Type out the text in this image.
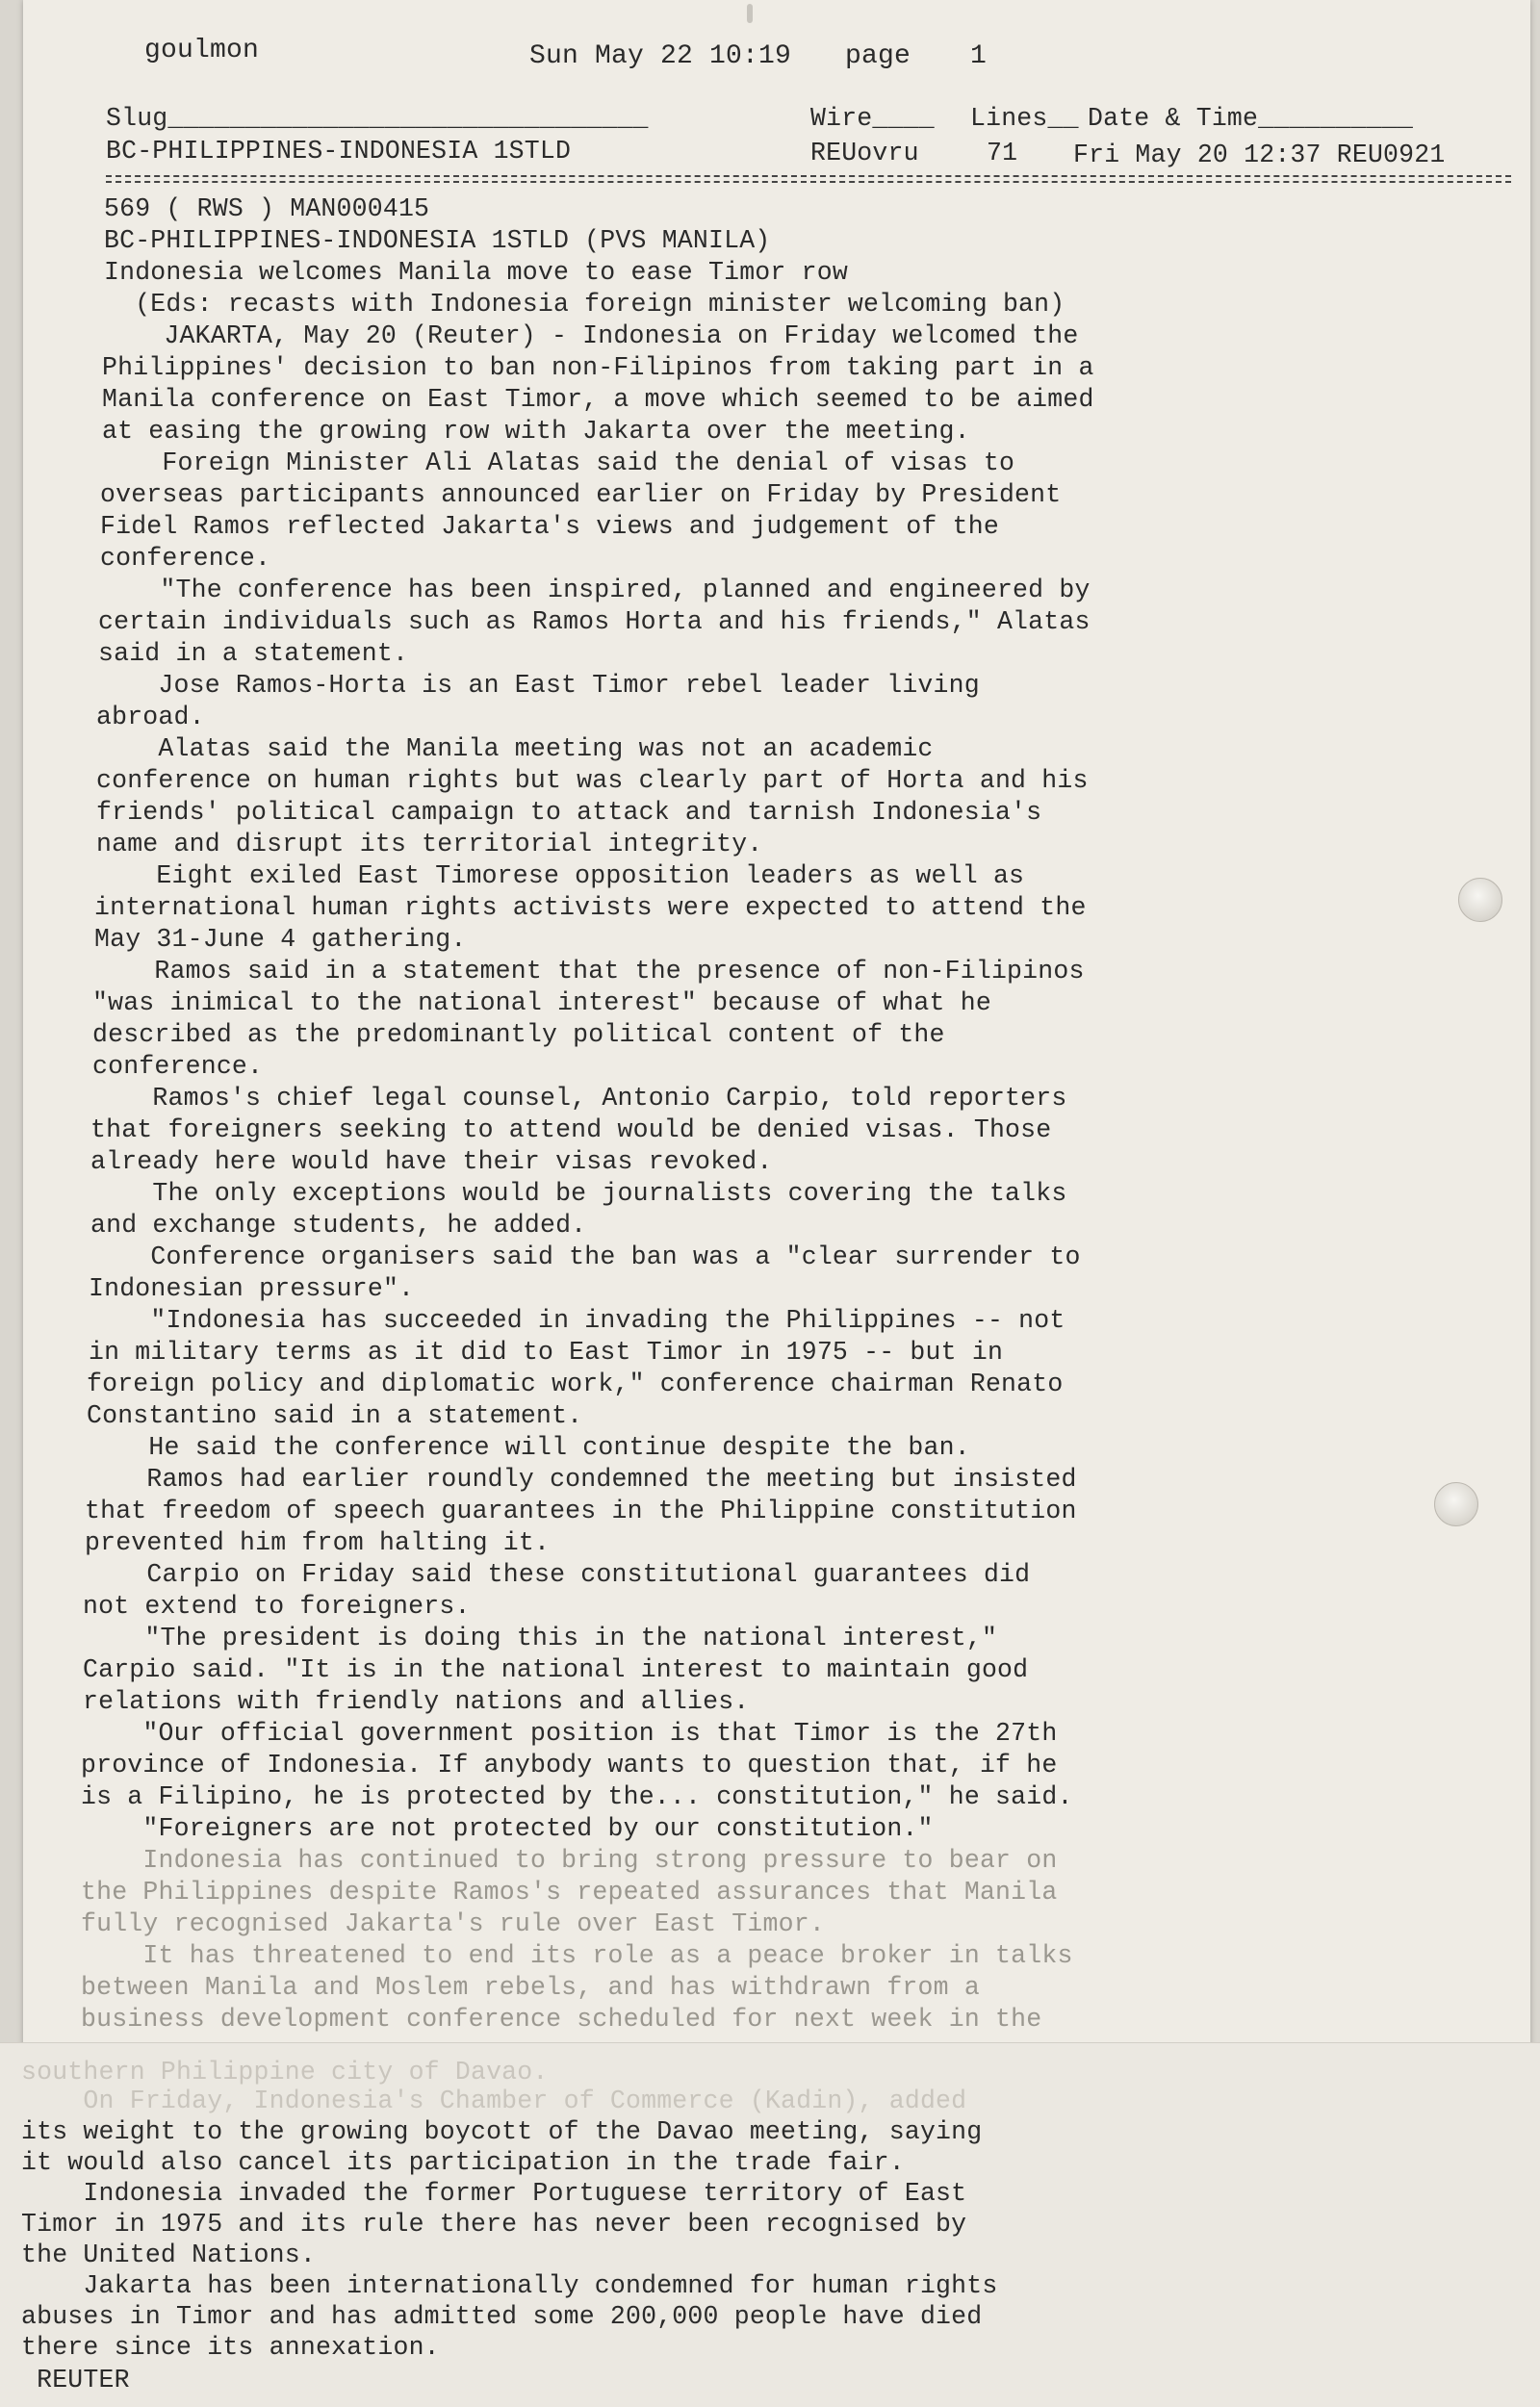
goulmon	Sun May 22 10:19 page 1
Slug_______________________________	Wire____ Lines__ Date & Time__________
BC-PHILIPPINES-INDONESIA 1STLD	REUovru	71 Fri May 20 12:37 REU0921
569 ( RWS ) MAN000415
BC-PHILIPPINES-INDONESIA 1STLD (PVS MANILA)
Indonesia welcomes Manila move to ease Timor row
(Eds: recasts with Indonesia foreign minister welcoming ban)
JAKARTA, May 20 (Reuter) - Indonesia on Friday welcomed the
Philippines' decision to ban non-Filipinos from taking part in a
Manila conference on East Timor, a move which seemed to be aimed
at easing the growing row with Jakarta over the meeting.
Foreign Minister Ali Alatas said the denial of visas to
overseas participants announced earlier on Friday by President
Fidel Ramos reflected Jakarta's views and judgement of the
conference.
"The conference has been inspired, planned and engineered by
certain individuals such as Ramos Horta and his friends," Alatas
said in a statement.
Jose Ramos-Horta is an East Timor rebel leader living
abroad.
Alatas said the Manila meeting was not an academic
conference on human rights but was clearly part of Horta and his
friends' political campaign to attack and tarnish Indonesia's
name and disrupt its territorial integrity.
Eight exiled East Timorese opposition leaders as well as
international human rights activists were expected to attend the
May 31-June 4 gathering.
Ramos said in a statement that the presence of non-Filipinos
"was inimical to the national interest" because of what he
described as the predominantly political content of the
conference.
Ramos's chief legal counsel, Antonio Carpio, told reporters
that foreigners seeking to attend would be denied visas. Those
already here would have their visas revoked.
The only exceptions would be journalists covering the talks
and exchange students, he added.
Conference organisers said the ban was a "clear surrender to
Indonesian pressure".
"Indonesia has succeeded in invading the Philippines -- not
in military terms as it did to East Timor in 1975 -- but in
foreign policy and diplomatic work," conference chairman Renato
Constantino said in a statement.
He said the conference will continue despite the ban.
Ramos had earlier roundly condemned the meeting but insisted
that freedom of speech guarantees in the Philippine constitution
prevented him from halting it.
Carpio on Friday said these constitutional guarantees did
not extend to foreigners.
"The president is doing this in the national interest,"
Carpio said. "It is in the national interest to maintain good
relations with friendly nations and allies.
"Our official government position is that Timor is the 27th
province of Indonesia. If anybody wants to question that, if he
is a Filipino, he is protected by the... constitution," he said.
"Foreigners are not protected by our constitution."
Indonesia has continued to bring strong pressure to bear on
the Philippines despite Ramos's repeated assurances that Manila
fully recognised Jakarta's rule over East Timor.
It has threatened to end its role as a peace broker in talks
between Manila and Moslem rebels, and has withdrawn from a
business development conference scheduled for next week in the
southern Philippine city of Davao.
On Friday, Indonesia's Chamber of Commerce (Kadin), added
its weight to the growing boycott of the Davao meeting, saying
it would also cancel its participation in the trade fair.
Indonesia invaded the former Portuguese territory of East
Timor in 1975 and its rule there has never been recognised by
the United Nations.
Jakarta has been internationally condemned for human rights
abuses in Timor and has admitted some 200,000 people have died
there since its annexation.
REUTER
